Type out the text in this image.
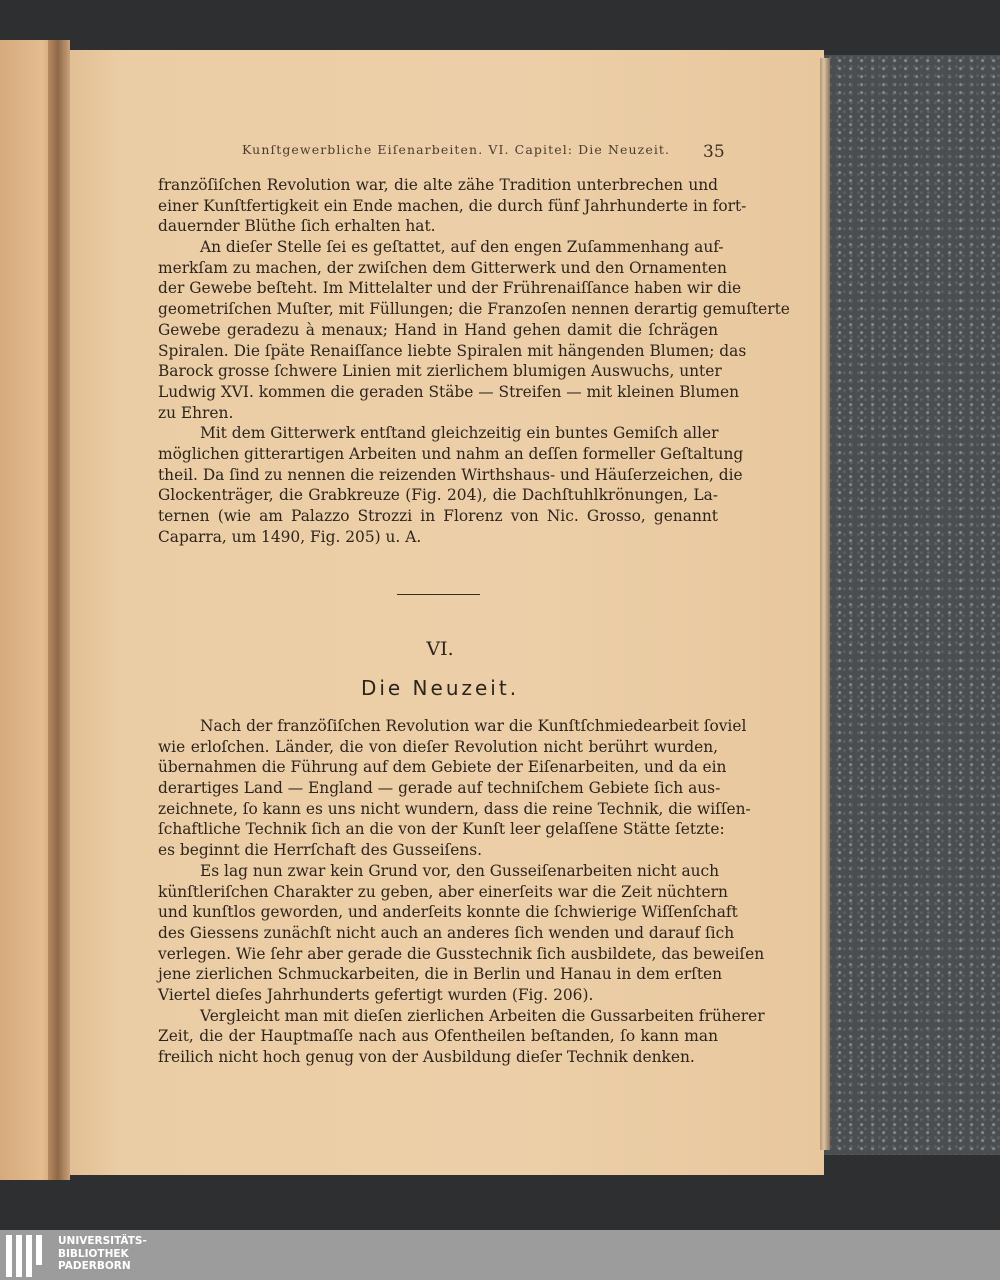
Kunſtgewerbliche Eiſenarbeiten. VI. Capitel: Die Neuzeit. 35
franzöſiſchen Revolution war, die alte zähe Tradition unterbrechen und
einer Kunſtfertigkeit ein Ende machen, die durch fünf Jahrhunderte in fort-
dauernder Blüthe ſich erhalten hat.
An dieſer Stelle ſei es geſtattet, auf den engen Zuſammenhang auf-
merkſam zu machen, der zwiſchen dem Gitterwerk und den Ornamenten
der Gewebe beſteht. Im Mittelalter und der Frührenaiſſance haben wir die
geometriſchen Muſter, mit Füllungen; die Franzoſen nennen derartig gemuſterte
Gewebe geradezu à menaux; Hand in Hand gehen damit die ſchrägen
Spiralen. Die ſpäte Renaiſſance liebte Spiralen mit hängenden Blumen; das
Barock grosse ſchwere Linien mit zierlichem blumigen Auswuchs, unter
Ludwig XVI. kommen die geraden Stäbe — Streifen — mit kleinen Blumen
zu Ehren.
Mit dem Gitterwerk entſtand gleichzeitig ein buntes Gemiſch aller
möglichen gitterartigen Arbeiten und nahm an deſſen formeller Geſtaltung
theil. Da ſind zu nennen die reizenden Wirthshaus- und Häuſerzeichen, die
Glockenträger, die Grabkreuze (Fig. 204), die Dachſtuhlkrönungen, La-
ternen (wie am Palazzo Strozzi in Florenz von Nic. Grosso, genannt
Caparra, um 1490, Fig. 205) u. A.
VI.
Die Neuzeit.
Nach der franzöſiſchen Revolution war die Kunſtſchmiedearbeit ſoviel
wie erloſchen. Länder, die von dieſer Revolution nicht berührt wurden,
übernahmen die Führung auf dem Gebiete der Eiſenarbeiten, und da ein
derartiges Land — England — gerade auf techniſchem Gebiete ſich aus-
zeichnete, ſo kann es uns nicht wundern, dass die reine Technik, die wiſſen-
ſchaftliche Technik ſich an die von der Kunſt leer gelaſſene Stätte ſetzte:
es beginnt die Herrſchaft des Gusseiſens.
Es lag nun zwar kein Grund vor, den Gusseiſenarbeiten nicht auch
künſtleriſchen Charakter zu geben, aber einerſeits war die Zeit nüchtern
und kunſtlos geworden, und anderſeits konnte die ſchwierige Wiſſenſchaft
des Giessens zunächſt nicht auch an anderes ſich wenden und darauf ſich
verlegen. Wie ſehr aber gerade die Gusstechnik ſich ausbildete, das beweiſen
jene zierlichen Schmuckarbeiten, die in Berlin und Hanau in dem erſten
Viertel dieſes Jahrhunderts gefertigt wurden (Fig. 206).
Vergleicht man mit dieſen zierlichen Arbeiten die Gussarbeiten früherer
Zeit, die der Hauptmaſſe nach aus Ofentheilen beſtanden, ſo kann man
freilich nicht hoch genug von der Ausbildung dieſer Technik denken.
UNIVERSITÄTS-
BIBLIOTHEK
PADERBORN
